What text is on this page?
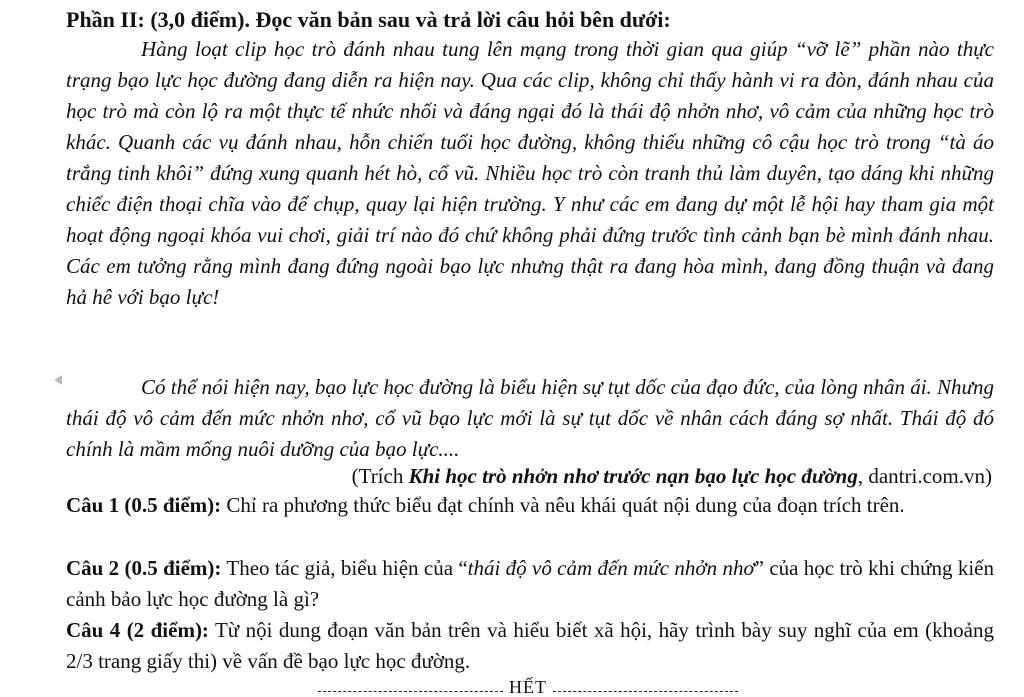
Phần II: (3,0 điểm). Đọc văn bản sau và trả lời câu hỏi bên dưới:

Hàng loạt clip học trò đánh nhau tung lên mạng trong thời gian qua giúp “vỡ lẽ” phần nào thực trạng bạo lực học đường đang diễn ra hiện nay. Qua các clip, không chỉ thấy hành vi ra đòn, đánh nhau của học trò mà còn lộ ra một thực tế nhức nhối và đáng ngại đó là thái độ nhởn nhơ, vô cảm của những học trò khác. Quanh các vụ đánh nhau, hỗn chiến tuổi học đường, không thiếu những cô cậu học trò trong “tà áo trắng tinh khôi” đứng xung quanh hét hò, cổ vũ. Nhiều học trò còn tranh thủ làm duyên, tạo dáng khi những chiếc điện thoại chĩa vào để chụp, quay lại hiện trường. Y như các em đang dự một lễ hội hay tham gia một hoạt động ngoại khóa vui chơi, giải trí nào đó chứ không phải đứng trước tình cảnh bạn bè mình đánh nhau. Các em tưởng rằng mình đang đứng ngoài bạo lực nhưng thật ra đang hòa mình, đang đồng thuận và đang hả hê với bạo lực!

Có thể nói hiện nay, bạo lực học đường là biểu hiện sự tụt dốc của đạo đức, của lòng nhân ái. Nhưng thái độ vô cảm đến mức nhởn nhơ, cổ vũ bạo lực mới là sự tụt dốc về nhân cách đáng sợ nhất. Thái độ đó chính là mầm mống nuôi dưỡng của bạo lực....

(Trích Khi học trò nhởn nhơ trước nạn bạo lực học đường, dantri.com.vn)

Câu 1 (0.5 điểm): Chỉ ra phương thức biểu đạt chính và nêu khái quát nội dung của đoạn trích trên.

Câu 2 (0.5 điểm): Theo tác giả, biểu hiện của “thái độ vô cảm đến mức nhởn nhơ” của học trò khi chứng kiến cảnh bảo lực học đường là gì?

Câu 4 (2 điểm): Từ nội dung đoạn văn bản trên và hiểu biết xã hội, hãy trình bày suy nghĩ của em (khoảng 2/3 trang giấy thi) về vấn đề bạo lực học đường.

HẾT
